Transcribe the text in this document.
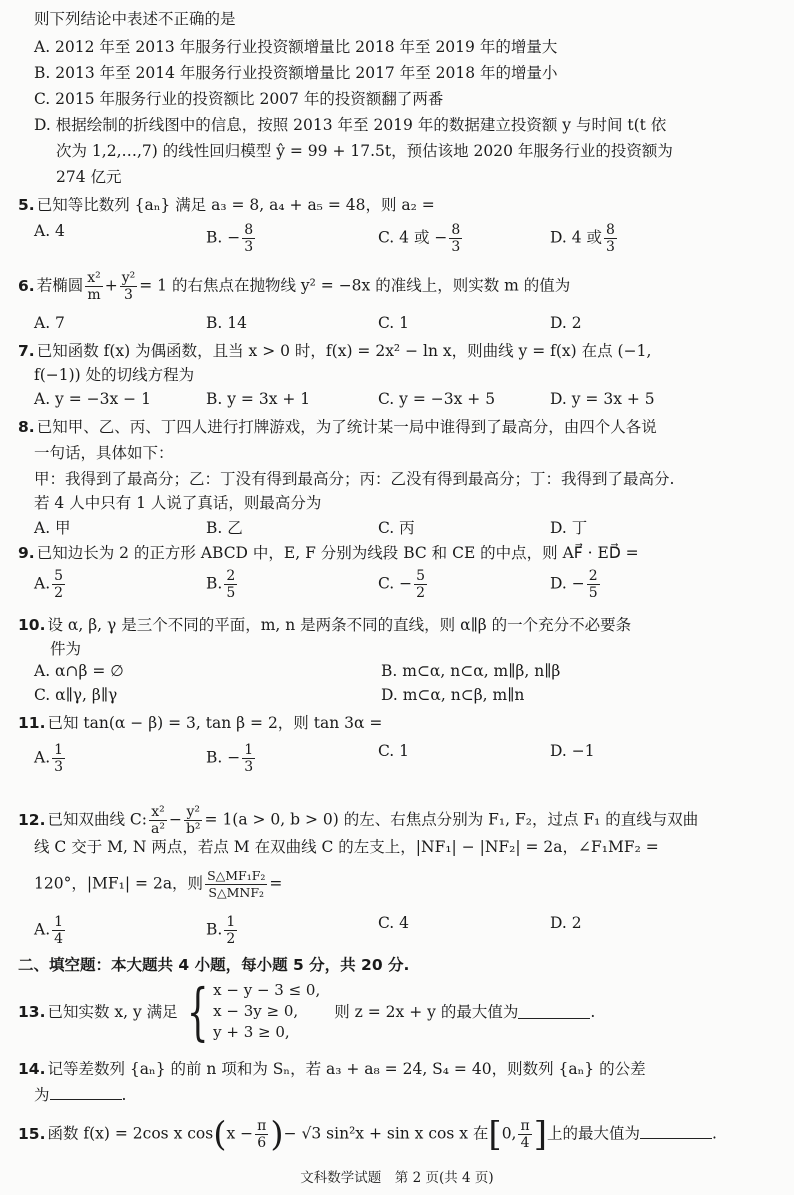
则下列结论中表述不正确的是
A. 2012 年至 2013 年服务行业投资额增量比 2018 年至 2019 年的增量大
B. 2013 年至 2014 年服务行业投资额增量比 2017 年至 2018 年的增量小
C. 2015 年服务行业的投资额比 2007 年的投资额翻了两番
D. 根据绘制的折线图中的信息，按照 2013 年至 2019 年的数据建立投资额 y 与时间 t(t 依
次为 1,2,…,7) 的线性回归模型 ŷ = 99 + 17.5t，预估该地 2020 年服务行业的投资额为
274 亿元
5. 已知等比数列 {aₙ} 满足 a₃ = 8, a₄ + a₅ = 48，则 a₂ =
A. 4	B. − $\frac{8}{3}$	C. 4 或 − $\frac{8}{3}$	D. 4 或 $\frac{8}{3}$
6. 若椭圆 $\frac{\text{x²}}{m} + \frac{\text{y²}}{3} = 1$ 的右焦点在抛物线 y² = −8x 的准线上，则实数 m 的值为
A. 7	B. 14	C. 1	D. 2
7. 已知函数 f(x) 为偶函数，且当 x > 0 时，f(x) = 2x² − ln x，则曲线 y = f(x) 在点 (−1,
f(−1)) 处的切线方程为
A. y = −3x − 1	B. y = 3x + 1	C. y = −3x + 5	D. y = 3x + 5
8. 已知甲、乙、丙、丁四人进行打牌游戏，为了统计某一局中谁得到了最高分，由四个人各说
一句话，具体如下：
甲：我得到了最高分；乙：丁没有得到最高分；丙：乙没有得到最高分；丁：我得到了最高分.
若 4 人中只有 1 人说了真话，则最高分为
A. 甲	B. 乙	C. 丙	D. 丁
9. 已知边长为 2 的正方形 ABCD 中，E, F 分别为线段 BC 和 CE 的中点，则 AF⃗ · ED⃗ =
A. $\frac{5}{2}$	B. $\frac{2}{5}$	C. − $\frac{5}{2}$	D. − $\frac{2}{5}$
10. 设 α, β, γ 是三个不同的平面，m, n 是两条不同的直线，则 α∥β 的一个充分不必要条
件为
A. α∩β = ∅	B. m⊂α, n⊂α, m∥β, n∥β
C. α∥γ, β∥γ	D. m⊂α, n⊂β, m∥n
11. 已知 tan(α − β) = 3, tan β = 2，则 tan 3α =
A. $\frac{1}{3}$	B. − $\frac{1}{3}$	C. 1	D. −1
12. 已知双曲线 C: $\frac{\text{x²}}{\text{a²}} - \frac{\text{y²}}{\text{b²}} = 1(a > 0$, b > 0) 的左、右焦点分别为 F₁, F₂，过点 F₁ 的直线与双曲
线 C 交于 M, N 两点，若点 M 在双曲线 C 的左支上，|NF₁| − |NF₂| = 2a，∠F₁MF₂ =
120°，|MF₁| = 2a，则 $\frac{\text{S△MF₁F₂}}{\text{S△MNF₂}}$ =
A. $\frac{1}{4}$	B. $\frac{1}{2}$	C. 4	D. 2
二、填空题：本大题共 4 小题，每小题 5 分，共 20 分.
13. 已知实数 x, y 满足 { x − y − 3 ≤ 0,
x − 3y ≥ 0,
y + 3 ≥ 0,
则 z = 2x + y 的最大值为	.
14. 记等差数列 {aₙ} 的前 n 项和为 Sₙ，若 a₃ + a₈ = 24, S₄ = 40，则数列 {aₙ} 的公差
为	.
15. 函数 f(x) = 2cos x $\cos(x - \frac{\pi}{6}$ )− √3 sin²x + sin x cos x 在[0, $\frac{\pi}{4}$ ]上的最大值为	.
文科数学试题　第 2 页(共 4 页)
